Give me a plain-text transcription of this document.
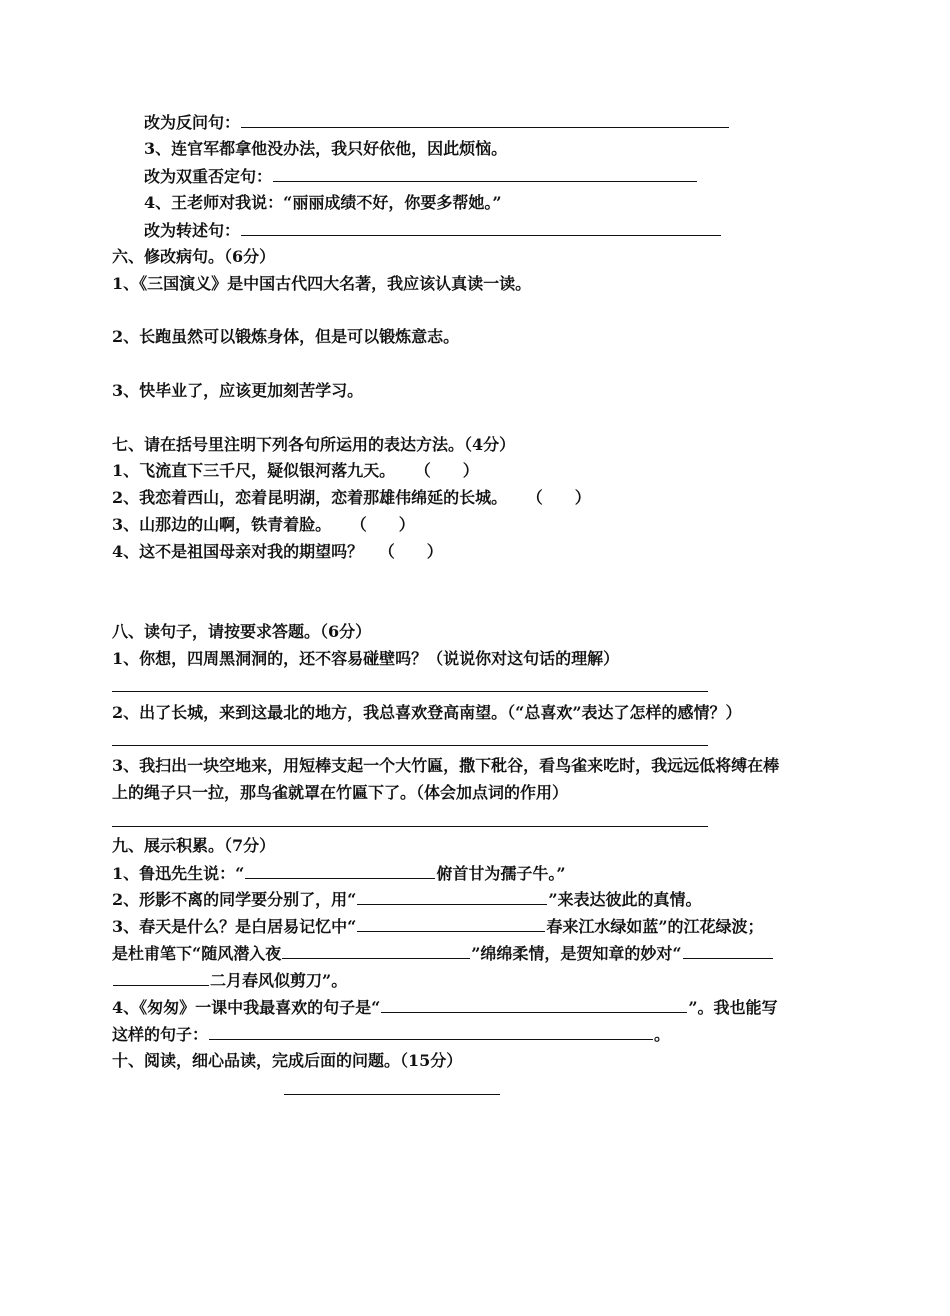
改为反问句：
3、连官军都拿他没办法，我只好依他，因此烦恼。
改为双重否定句：
4、王老师对我说：“丽丽成绩不好，你要多帮她。”
改为转述句：
六、修改病句。（6分）
1、《三国演义》是中国古代四大名著，我应该认真读一读。
2、长跑虽然可以锻炼身体，但是可以锻炼意志。
3、快毕业了，应该更加刻苦学习。
七、请在括号里注明下列各句所运用的表达方法。（4分）
1、飞流直下三千尺，疑似银河落九天。 （　　）
2、我恋着西山，恋着昆明湖，恋着那雄伟绵延的长城。 （　　）
3、山那边的山啊，铁青着脸。 （　　）
4、这不是祖国母亲对我的期望吗？ （　　）
八、读句子，请按要求答题。（6分）
1、你想，四周黑洞洞的，还不容易碰壁吗？（说说你对这句话的理解）
2、出了长城，来到这最北的地方，我总喜欢登高南望。（“总喜欢”表达了怎样的感情？）
3、我扫出一块空地来，用短棒支起一个大竹匾，撒下秕谷，看鸟雀来吃时，我远远低将缚在棒
上的绳子只一拉，那鸟雀就罩在竹匾下了。（体会加点词的作用）
九、展示积累。（7分）
1、鲁迅先生说：“	俯首甘为孺子牛。”
2、形影不离的同学要分别了，用“	”来表达彼此的真情。
3、春天是什么？是白居易记忆中“	春来江水绿如蓝”的江花绿波；
是杜甫笔下“随风潜入夜	”绵绵柔情，是贺知章的妙对“
二月春风似剪刀”。
4、《匆匆》一课中我最喜欢的句子是“	”。我也能写
这样的句子：	。
十、阅读，细心品读，完成后面的问题。（15分）
